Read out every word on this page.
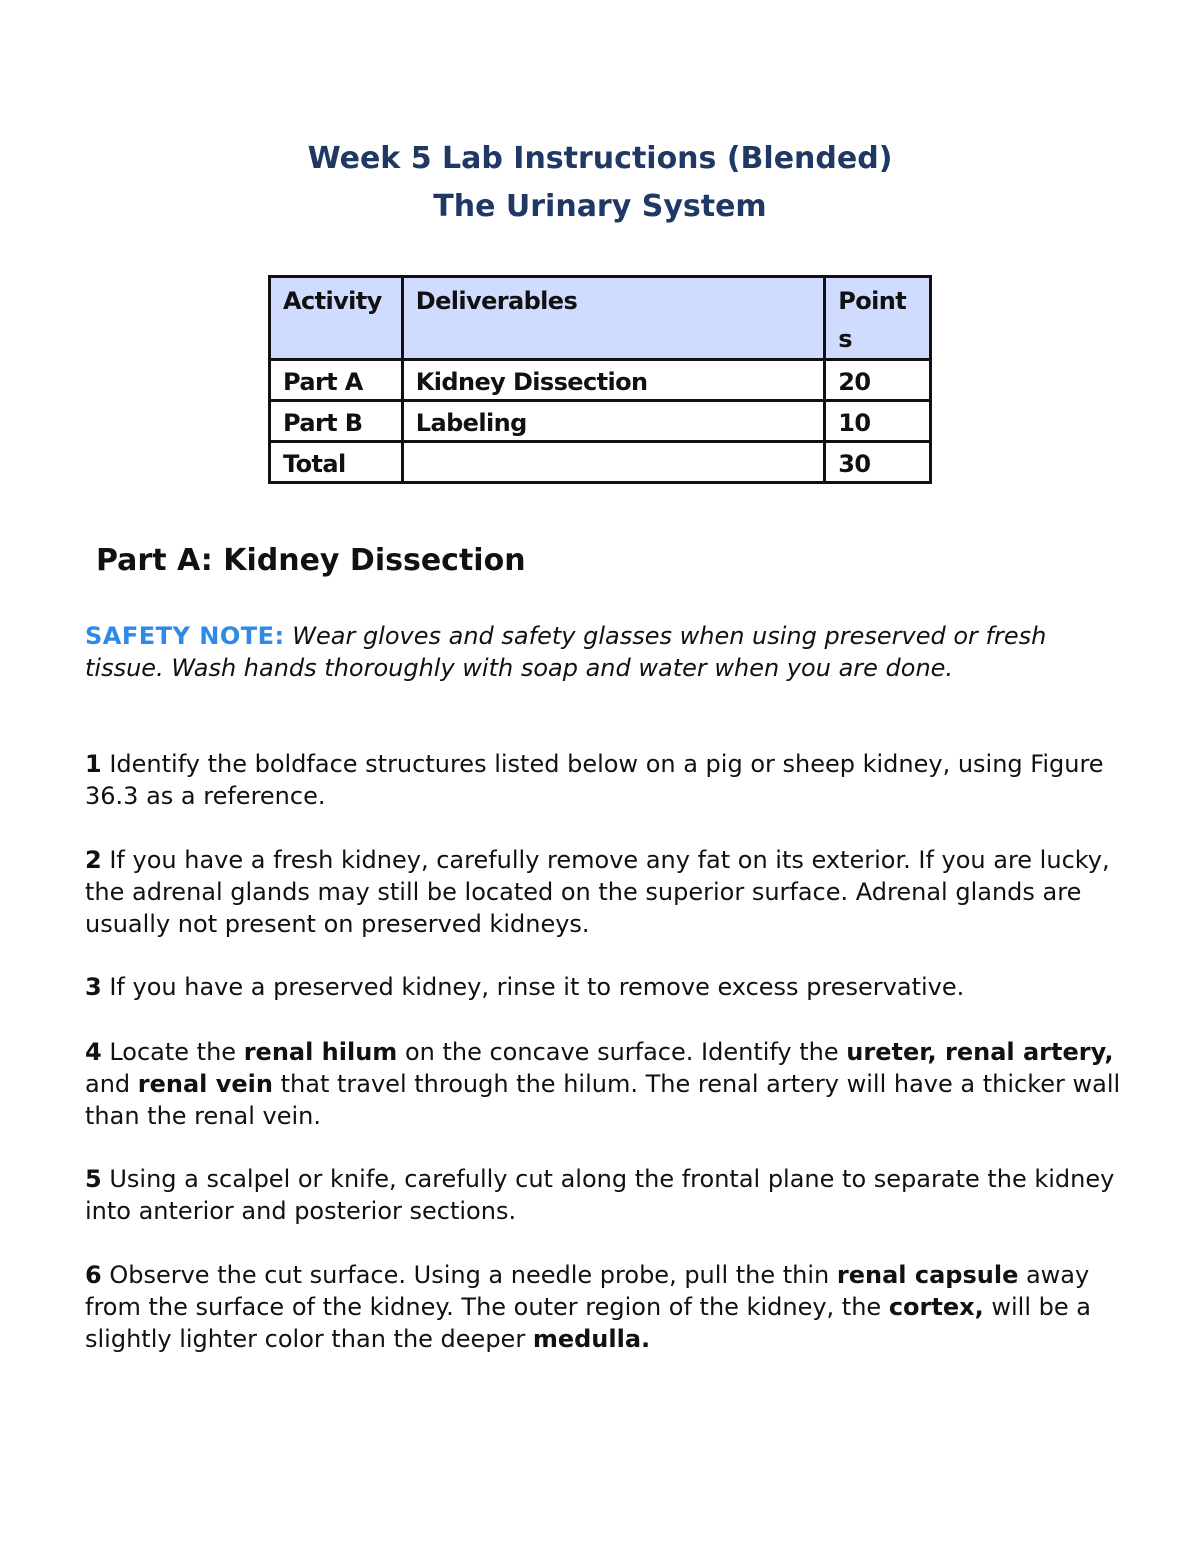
Week 5 Lab Instructions (Blended)
The Urinary System
Activity	Deliverables	Points
Part A	Kidney Dissection	20
Part B	Labeling	10
Total		30
Part A: Kidney Dissection

SAFETY NOTE: Wear gloves and safety glasses when using preserved or fresh tissue. Wash hands thoroughly with soap and water when you are done.

1 Identify the boldface structures listed below on a pig or sheep kidney, using Figure 36.3 as a reference.

2 If you have a fresh kidney, carefully remove any fat on its exterior. If you are lucky, the adrenal glands may still be located on the superior surface. Adrenal glands are usually not present on preserved kidneys.

3 If you have a preserved kidney, rinse it to remove excess preservative.

4 Locate the renal hilum on the concave surface. Identify the ureter, renal artery, and renal vein that travel through the hilum. The renal artery will have a thicker wall than the renal vein.

5 Using a scalpel or knife, carefully cut along the frontal plane to separate the kidney into anterior and posterior sections.

6 Observe the cut surface. Using a needle probe, pull the thin renal capsule away from the surface of the kidney. The outer region of the kidney, the cortex, will be a slightly lighter color than the deeper medulla.
